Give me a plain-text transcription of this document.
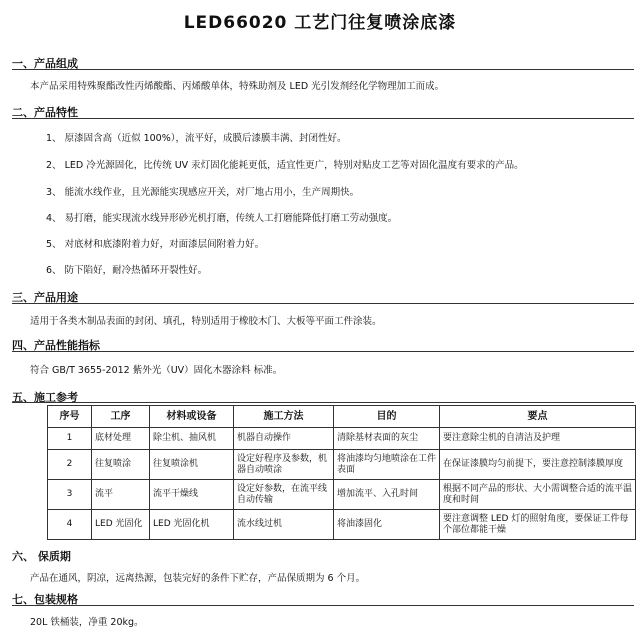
LED66020 工艺门往复喷涂底漆
一、产品组成
本产品采用特殊聚酯改性丙烯酸酯、丙烯酸单体，特殊助剂及 LED 光引发剂经化学物理加工而成。
二、产品特性
1、 原漆固含高（近似 100%），流平好，成膜后漆膜丰满、封闭性好。
2、 LED 冷光源固化，比传统 UV 汞灯固化能耗更低，适宜性更广，特别对贴皮工艺等对固化温度有要求的产品。
3、 能流水线作业，且光源能实现感应开关，对厂地占用小，生产周期快。
4、 易打磨，能实现流水线异形砂光机打磨，传统人工打磨能降低打磨工劳动强度。
5、 对底材和底漆附着力好，对面漆层间附着力好。
6、 防下陷好，耐冷热循环开裂性好。
三、产品用途
适用于各类木制品表面的封闭、填孔，特别适用于橡胶木门、大板等平面工件涂装。
四、产品性能指标
符合 GB/T 3655-2012 紫外光（UV）固化木器涂料 标准。
五、施工参考
序号	工序	材料或设备	施工方法	目的	要点
1	底材处理	除尘机、抽风机	机器自动操作	清除基材表面的灰尘	要注意除尘机的自清洁及护理
2	往复喷涂	往复喷涂机	设定好程序及参数，机器自动喷涂	将油漆均匀地喷涂在工件表面	在保证漆膜均匀前提下，要注意控制漆膜厚度
3	流平	流平干燥线	设定好参数，在流平线自动传输	增加流平、入孔时间	根据不同产品的形状、大小需调整合适的流平温度和时间
4	LED 光固化	LED 光固化机	流水线过机	将油漆固化	要注意调整 LED 灯的照射角度，要保证工件每个部位都能干燥
六、 保质期
产品在通风，阴凉，远离热源，包装完好的条件下贮存，产品保质期为 6 个月。
七、包装规格
20L 铁桶装，净重 20kg。
